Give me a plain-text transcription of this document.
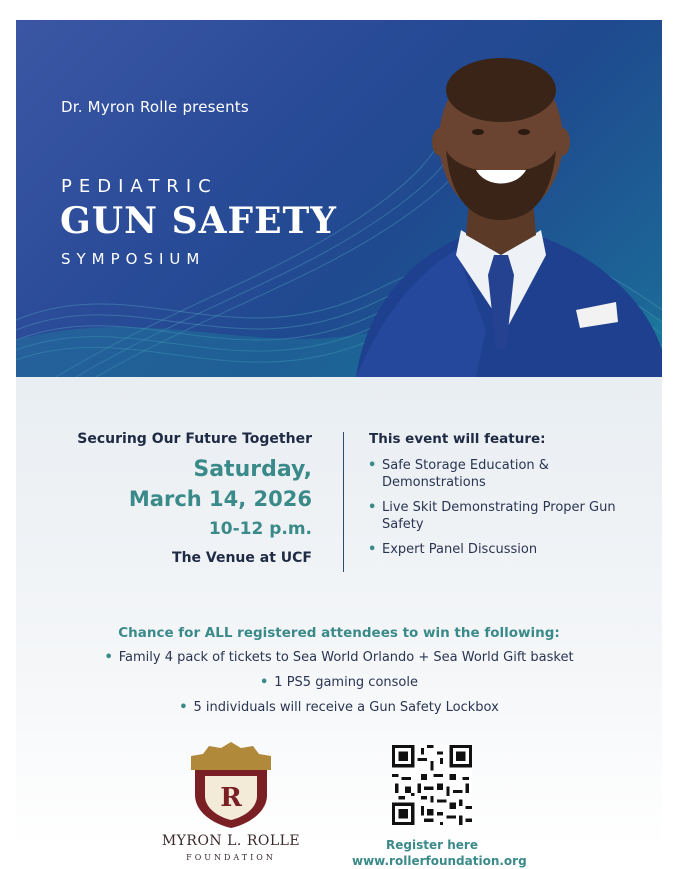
Dr. Myron Rolle presents
PEDIATRIC
GUN SAFETY
SYMPOSIUM
Securing Our Future Together
Saturday,
March 14, 2026
10-12 p.m.
The Venue at UCF
This event will feature:
• Safe Storage Education & Demonstrations
• Live Skit Demonstrating Proper Gun Safety
• Expert Panel Discussion
Chance for ALL registered attendees to win the following:
• Family 4 pack of tickets to Sea World Orlando + Sea World Gift basket
• 1 PS5 gaming console
• 5 individuals will receive a Gun Safety Lockbox
R
MYRON L. ROLLE
FOUNDATION
Register here
www.rollerfoundation.org
